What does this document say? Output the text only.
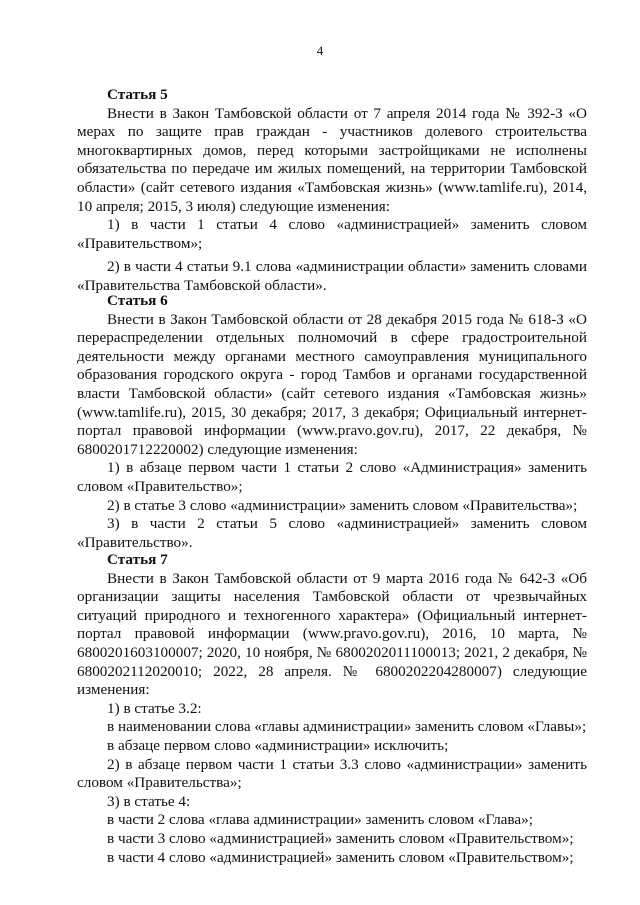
4
Статья 5

Внести в Закон Тамбовской области от 7 апреля 2014 года № 392-З «О мерах по защите прав граждан - участников долевого строительства многоквартирных домов, перед которыми застройщиками не исполнены обязательства по передаче им жилых помещений, на территории Тамбовской области» (сайт сетевого издания «Тамбовская жизнь» (www.tamlife.ru), 2014, 10 апреля; 2015, 3 июля) следующие изменения:

1) в части 1 статьи 4 слово «администрацией» заменить словом «Правительством»;

2) в части 4 статьи 9.1 слова «администрации области» заменить словами «Правительства Тамбовской области».

Статья 6

Внести в Закон Тамбовской области от 28 декабря 2015 года № 618-З «О перераспределении отдельных полномочий в сфере градостроительной деятельности между органами местного самоуправления муниципального образования городского округа - город Тамбов и органами государственной власти Тамбовской области» (сайт сетевого издания «Тамбовская жизнь» (www.tamlife.ru), 2015, 30 декабря; 2017, 3 декабря; Официальный интернет-портал правовой информации (www.pravo.gov.ru), 2017, 22 декабря, № 6800201712220002) следующие изменения:

1) в абзаце первом части 1 статьи 2 слово «Администрация» заменить словом «Правительство»;

2) в статье 3 слово «администрации» заменить словом «Правительства»;

3) в части 2 статьи 5 слово «администрацией» заменить словом «Правительство».

Статья 7

Внести в Закон Тамбовской области от 9 марта 2016 года № 642-З «Об организации защиты населения Тамбовской области от чрезвычайных ситуаций природного и техногенного характера» (Официальный интернет-портал правовой информации (www.pravo.gov.ru), 2016, 10 марта, № 6800201603100007; 2020, 10 ноября, № 6800202011100013; 2021, 2 декабря, № 6800202112020010; 2022, 28 апреля. № 6800202204280007) следующие изменения:

1) в статье 3.2:

в наименовании слова «главы администрации» заменить словом «Главы»;

в абзаце первом слово «администрации» исключить;

2) в абзаце первом части 1 статьи 3.3 слово «администрации» заменить словом «Правительства»;

3) в статье 4:

в части 2 слова «глава администрации» заменить словом «Глава»;

в части 3 слово «администрацией» заменить словом «Правительством»;

в части 4 слово «администрацией» заменить словом «Правительством»;
